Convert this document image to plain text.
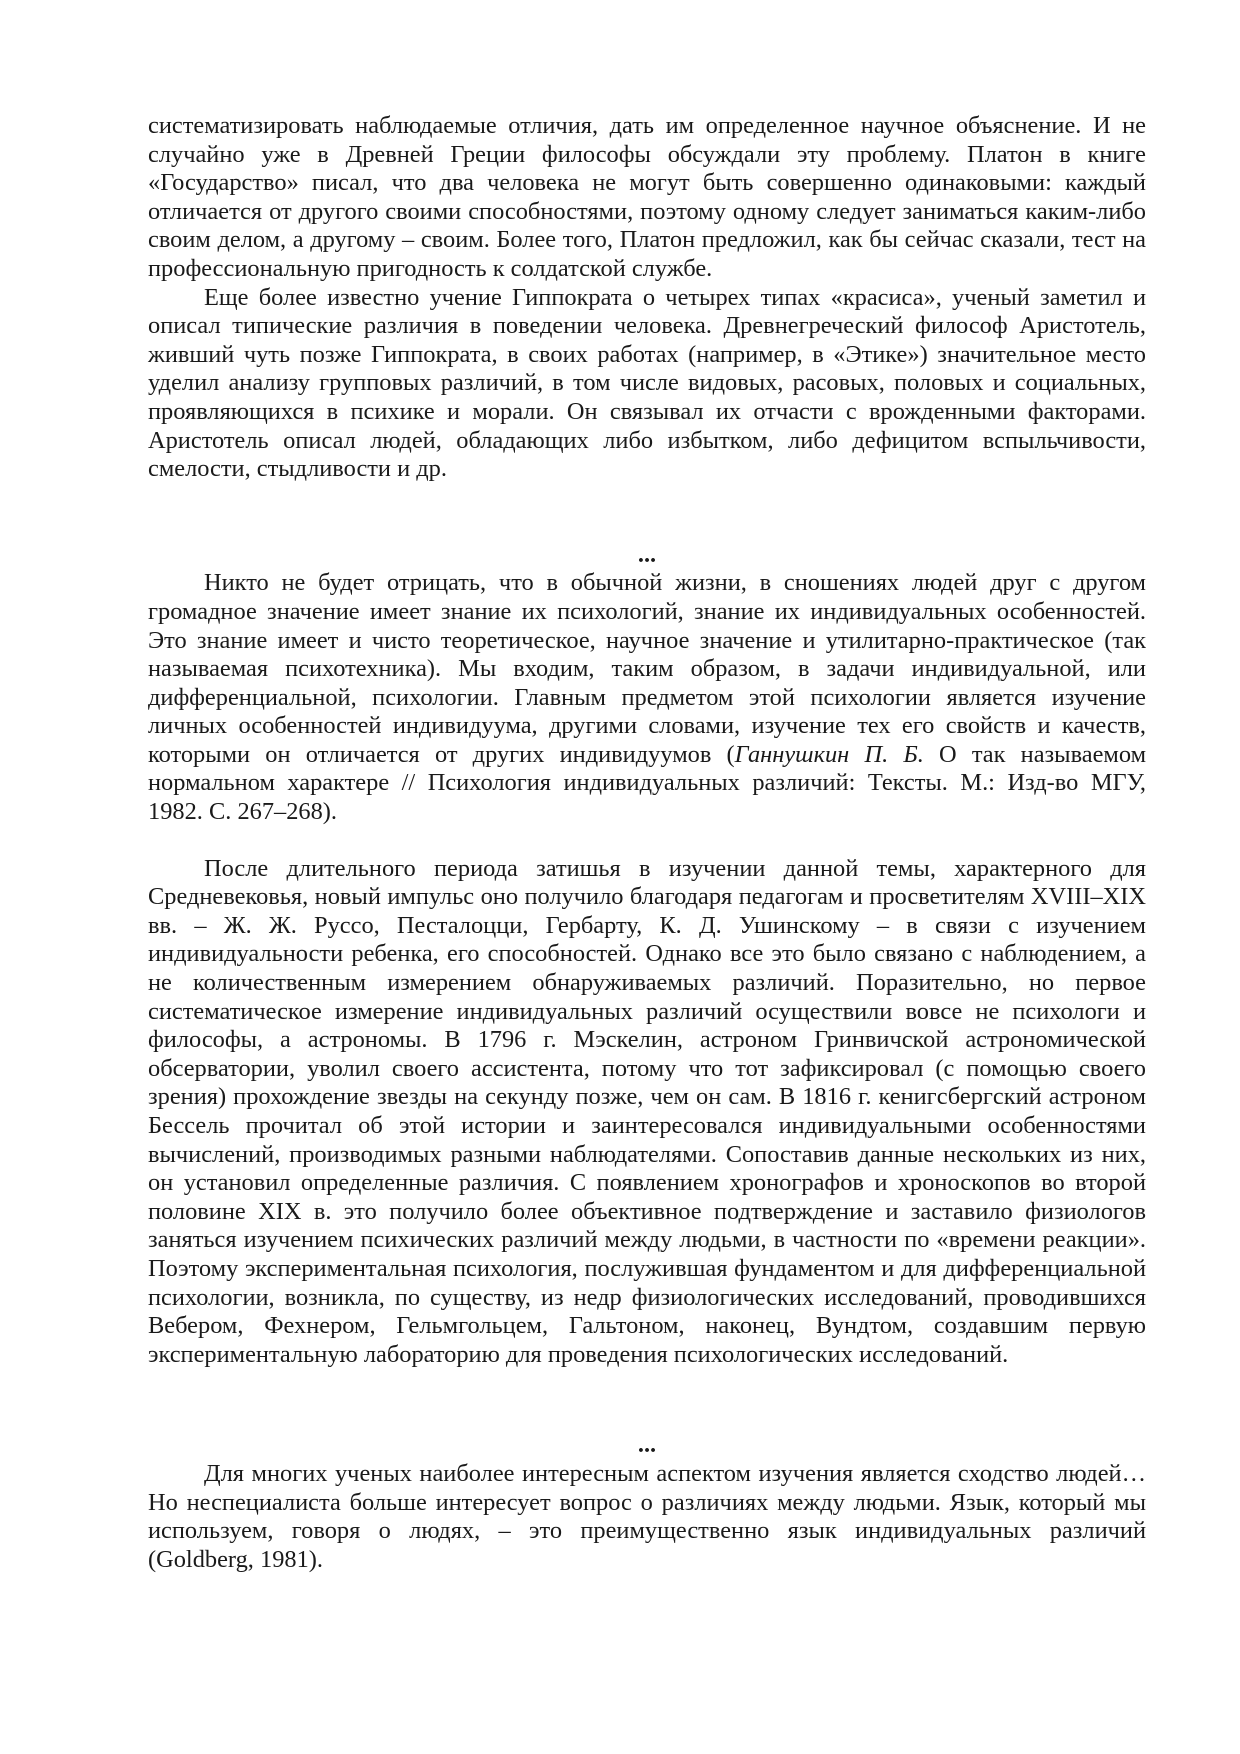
систематизировать наблюдаемые отличия, дать им определенное научное объяснение. И не случайно уже в Древней Греции философы обсуждали эту проблему. Платон в книге «Государство» писал, что два человека не могут быть совершенно одинаковыми: каждый отличается от другого своими способностями, поэтому одному следует заниматься каким-либо своим делом, а другому – своим. Более того, Платон предложил, как бы сейчас сказали, тест на профессиональную пригодность к солдатской службе.

Еще более известно учение Гиппократа о четырех типах «красиса», ученый заметил и описал типические различия в поведении человека. Древнегреческий философ Аристотель, живший чуть позже Гиппократа, в своих работах (например, в «Этике») значительное место уделил анализу групповых различий, в том числе видовых, расовых, половых и социальных, проявляющихся в психике и морали. Он связывал их отчасти с врожденными факторами. Аристотель описал людей, обладающих либо избытком, либо дефицитом вспыльчивости, смелости, стыдливости и др.

...

Никто не будет отрицать, что в обычной жизни, в сношениях людей друг с другом громадное значение имеет знание их психологий, знание их индивидуальных особенностей. Это знание имеет и чисто теоретическое, научное значение и утилитарно-практическое (так называемая психотехника). Мы входим, таким образом, в задачи индивидуальной, или дифференциальной, психологии. Главным предметом этой психологии является изучение личных особенностей индивидуума, другими словами, изучение тех его свойств и качеств, которыми он отличается от других индивидуумов (Ганнушкин П. Б. О так называемом нормальном характере // Психология индивидуальных различий: Тексты. М.: Изд-во МГУ, 1982. С. 267–268).

После длительного периода затишья в изучении данной темы, характерного для Средневековья, новый импульс оно получило благодаря педагогам и просветителям XVIII–XIX вв. – Ж. Ж. Руссо, Песталоцци, Гербарту, К. Д. Ушинскому – в связи с изучением индивидуальности ребенка, его способностей. Однако все это было связано с наблюдением, а не количественным измерением обнаруживаемых различий. Поразительно, но первое систематическое измерение индивидуальных различий осуществили вовсе не психологи и философы, а астрономы. В 1796 г. Мэскелин, астроном Гринвичской астрономической обсерватории, уволил своего ассистента, потому что тот зафиксировал (с помощью своего зрения) прохождение звезды на секунду позже, чем он сам. В 1816 г. кенигсбергский астроном Бессель прочитал об этой истории и заинтересовался индивидуальными особенностями вычислений, производимых разными наблюдателями. Сопоставив данные нескольких из них, он установил определенные различия. С появлением хронографов и хроноскопов во второй половине XIX в. это получило более объективное подтверждение и заставило физиологов заняться изучением психических различий между людьми, в частности по «времени реакции». Поэтому экспериментальная психология, послужившая фундаментом и для дифференциальной психологии, возникла, по существу, из недр физиологических исследований, проводившихся Вебером, Фехнером, Гельмгольцем, Гальтоном, наконец, Вундтом, создавшим первую экспериментальную лабораторию для проведения психологических исследований.

...

Для многих ученых наиболее интересным аспектом изучения является сходство людей… Но неспециалиста больше интересует вопрос о различиях между людьми. Язык, который мы используем, говоря о людях, – это преимущественно язык индивидуальных различий (Goldberg, 1981).
